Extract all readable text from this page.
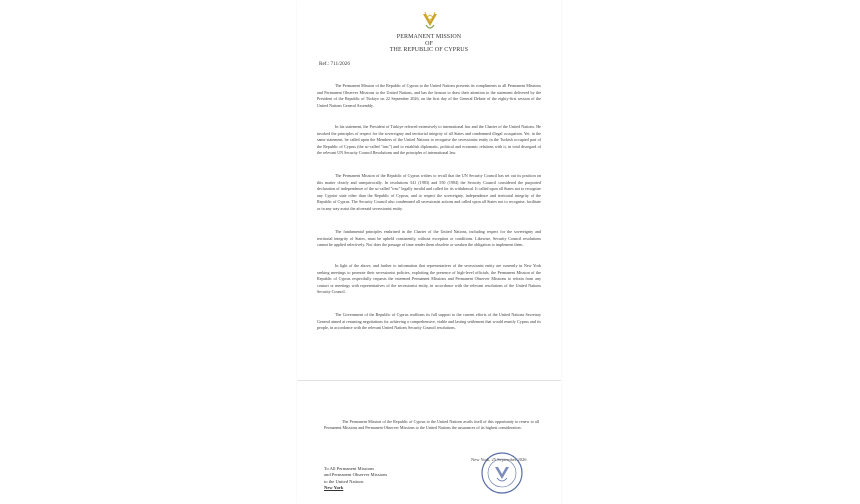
PERMANENT MISSION
OF
THE REPUBLIC OF CYPRUS
Ref.: 711/2026

The Permanent Mission of the Republic of Cyprus to the United Nations presents its compliments to all Permanent Missions and Permanent Observer Missions to the United Nations, and has the honour to draw their attention to the statement delivered by the President of the Republic of Türkiye on 22 September 2026, on the first day of the General Debate of the eighty-first session of the United Nations General Assembly.

In his statement, the President of Türkiye referred extensively to international law and the Charter of the United Nations. He invoked the principles of respect for the sovereignty and territorial integrity of all States and condemned illegal occupation. Yet, in the same statement, he called upon the Members of the United Nations to recognise the secessionist entity in the Turkish occupied part of the Republic of Cyprus (the so-called "trnc") and to establish diplomatic, political and economic relations with it, in total disregard of the relevant UN Security Council Resolutions and the principles of international law.

The Permanent Mission of the Republic of Cyprus wishes to recall that the UN Security Council has set out its position on this matter clearly and unequivocally. In resolutions 541 (1983) and 550 (1984) the Security Council considered the purported declaration of independence of the so-called "trnc" legally invalid and called for its withdrawal. It called upon all States not to recognise any Cypriot state other than the Republic of Cyprus, and to respect the sovereignty, independence and territorial integrity of the Republic of Cyprus. The Security Council also condemned all secessionist actions and called upon all States not to recognise, facilitate or in any way assist the aforesaid secessionist entity.

The fundamental principles enshrined in the Charter of the United Nations, including respect for the sovereignty and territorial integrity of States, must be upheld consistently, without exception or conditions. Likewise, Security Council resolutions cannot be applied selectively. Nor does the passage of time render them obsolete or weaken the obligation to implement them.

In light of the above, and further to information that representatives of the secessionist entity are currently in New York seeking meetings to promote their secessionist policies, exploiting the presence of high-level officials, the Permanent Mission of the Republic of Cyprus respectfully requests the esteemed Permanent Missions and Permanent Observer Missions to refrain from any contact or meetings with representatives of the secessionist entity, in accordance with the relevant resolutions of the United Nations Security Council.

The Government of the Republic of Cyprus reaffirms its full support to the current efforts of the United Nations Secretary General aimed at resuming negotiations for achieving a comprehensive, viable and lasting settlement that would reunify Cyprus and its people, in accordance with the relevant United Nations Security Council resolutions.

The Permanent Mission of the Republic of Cyprus to the United Nations avails itself of this opportunity to renew to all Permanent Missions and Permanent Observer Missions to the United Nations the assurances of its highest consideration.

New York, 25 September 2026
To All Permanent Missions
and Permanent Observer Missions
to the United Nations
New York
